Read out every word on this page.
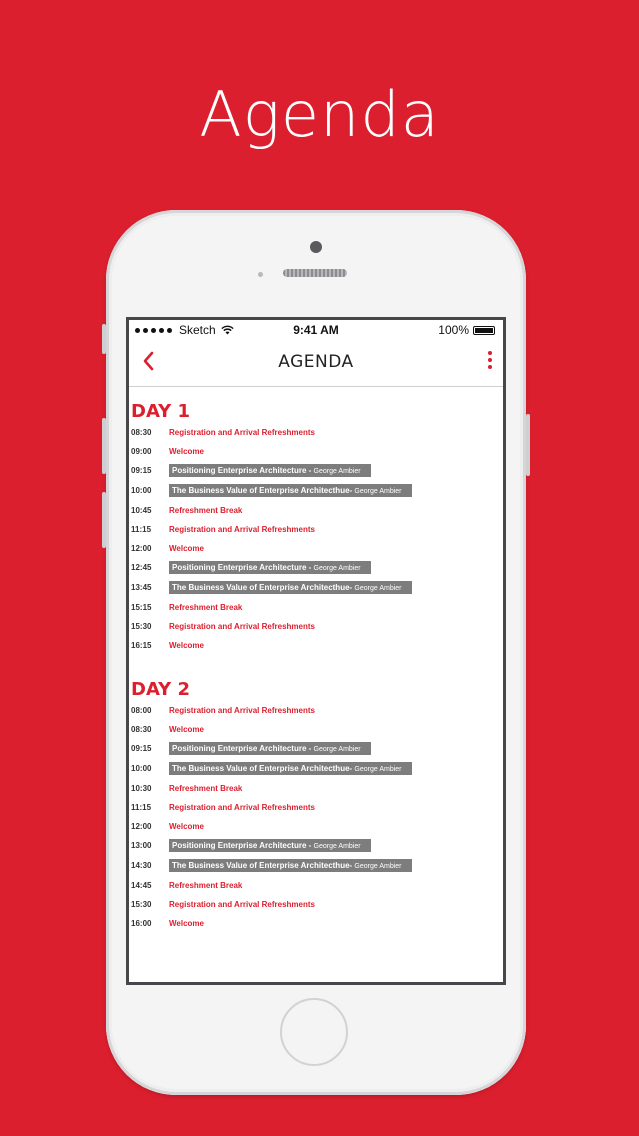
Agenda
Sketch	9:41 AM	100%
AGENDA
DAY 1
08:30	Registration and Arrival Refreshments
09:00	Welcome
09:15	Positioning Enterprise Architecture - George Ambier
10:00	The Business Value of Enterprise Architecthue- George Ambier
10:45	Refreshment Break
11:15	Registration and Arrival Refreshments
12:00	Welcome
12:45	Positioning Enterprise Architecture - George Ambier
13:45	The Business Value of Enterprise Architecthue- George Ambier
15:15	Refreshment Break
15:30	Registration and Arrival Refreshments
16:15	Welcome
DAY 2
08:00	Registration and Arrival Refreshments
08:30	Welcome
09:15	Positioning Enterprise Architecture - George Ambier
10:00	The Business Value of Enterprise Architecthue- George Ambier
10:30	Refreshment Break
11:15	Registration and Arrival Refreshments
12:00	Welcome
13:00	Positioning Enterprise Architecture - George Ambier
14:30	The Business Value of Enterprise Architecthue- George Ambier
14:45	Refreshment Break
15:30	Registration and Arrival Refreshments
16:00	Welcome
